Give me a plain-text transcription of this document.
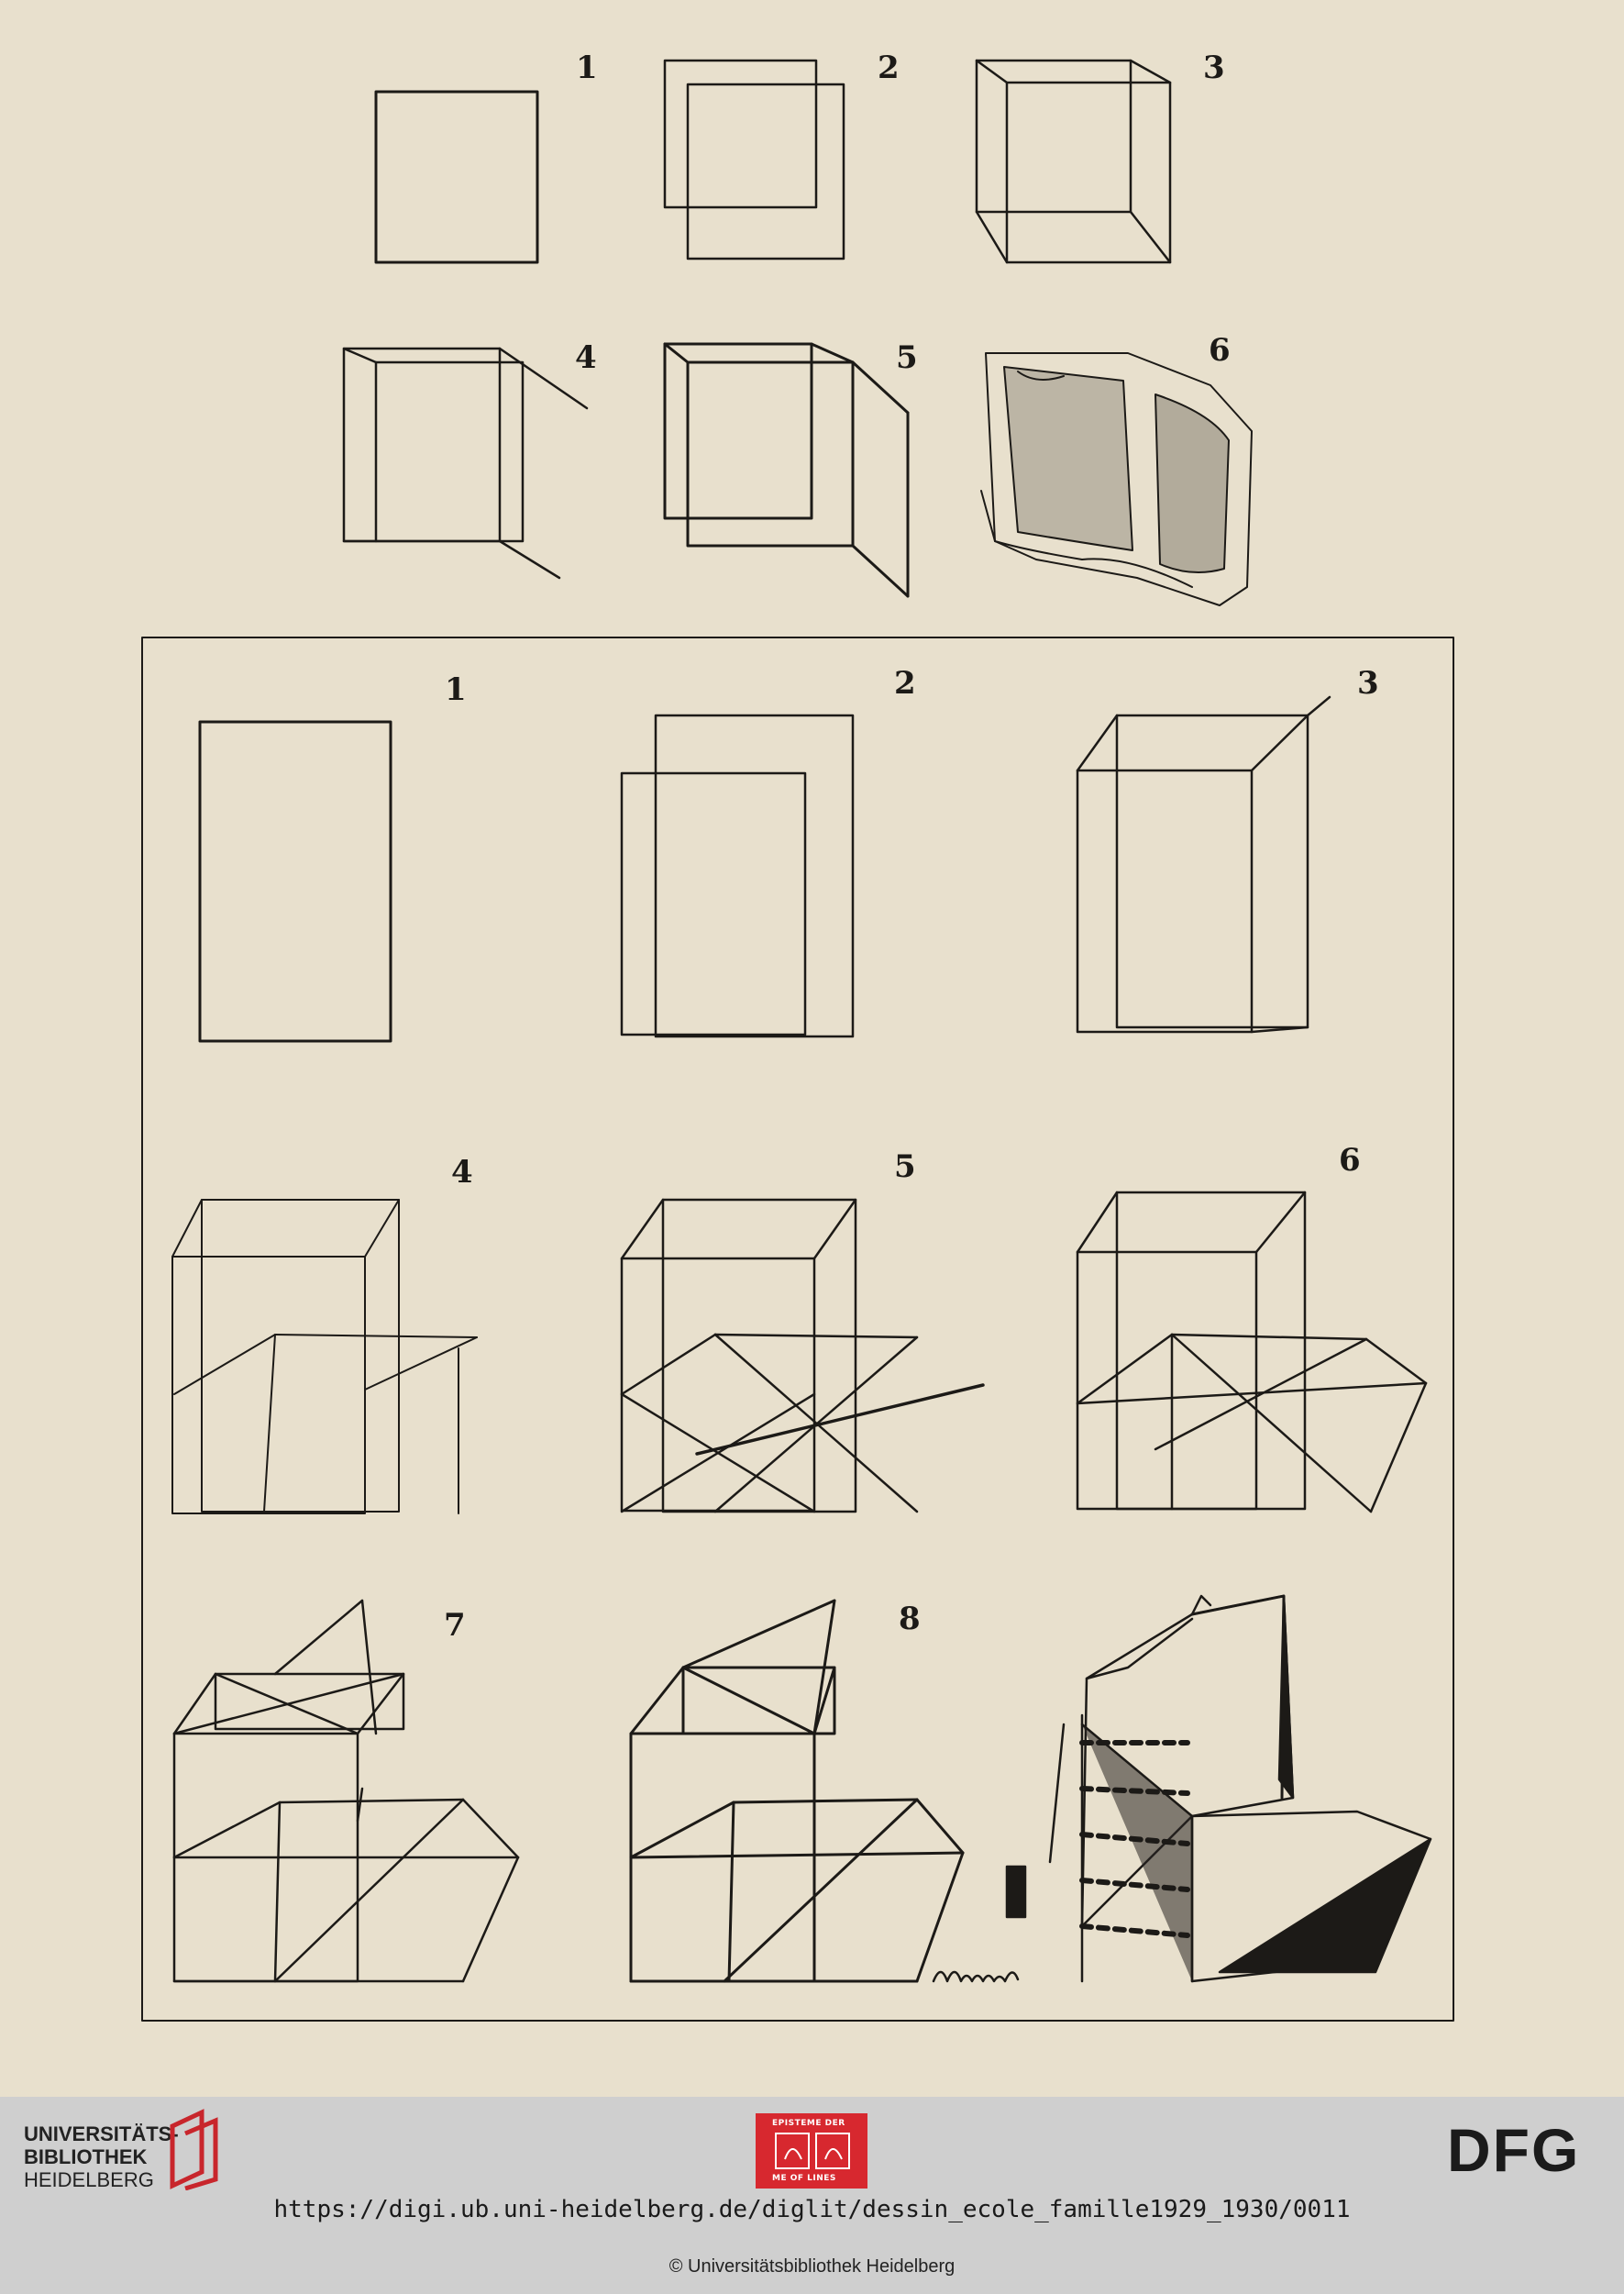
1	2	3
4	5	6
1	2	3
4	5	6
7	8
UNIVERSITÄTS-
BIBLIOTHEK
HEIDELBERG
EPISTEME DER
ME OF LINES	DFG
https://digi.ub.uni-heidelberg.de/diglit/dessin_ecole_famille1929_1930/0011
© Universitätsbibliothek Heidelberg
